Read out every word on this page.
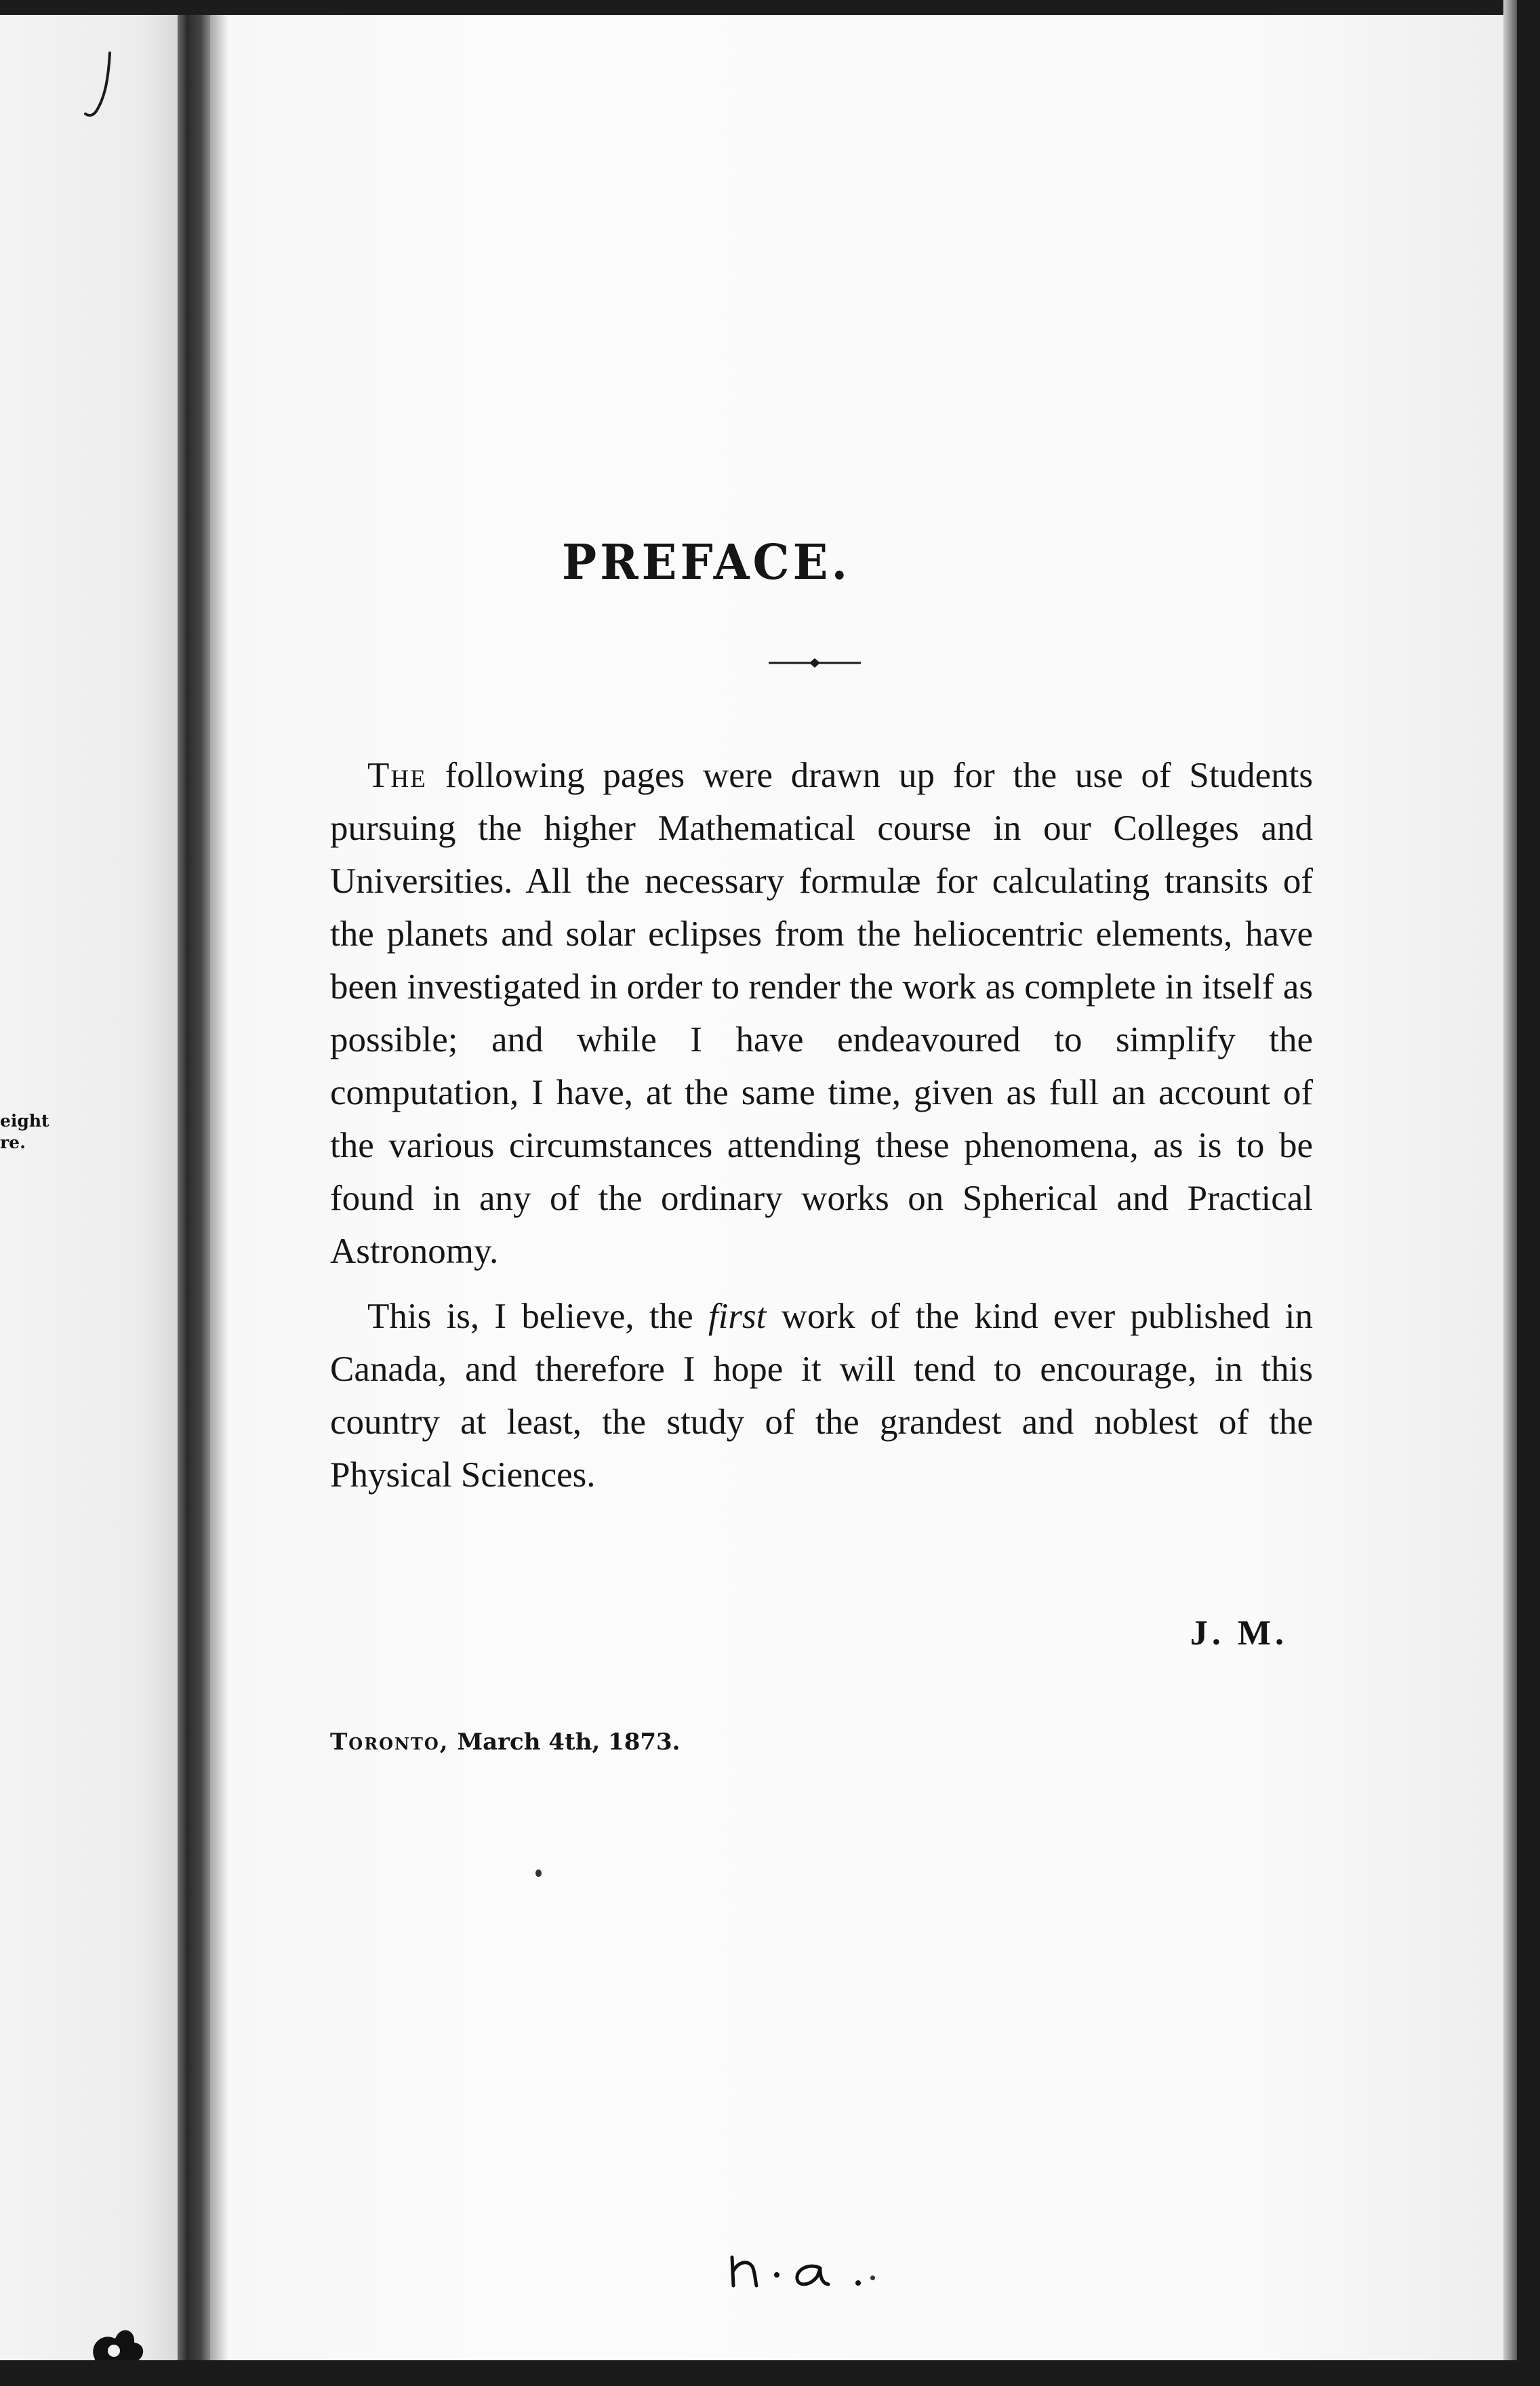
eight
re.
PREFACE.

The following pages were drawn up for the use of Students pursuing the higher Mathematical course in our Colleges and Universities. All the necessary formulæ for calculating transits of the planets and solar eclipses from the heliocentric elements, have been investigated in order to render the work as complete in itself as possible; and while I have endeavoured to simplify the computation, I have, at the same time, given as full an account of the various circumstances attending these phenomena, as is to be found in any of the ordinary works on Spherical and Practical Astronomy.

This is, I believe, the first work of the kind ever published in Canada, and therefore I hope it will tend to encourage, in this country at least, the study of the grandest and noblest of the Physical Sciences.

J. M.
Toronto, March 4th, 1873.
